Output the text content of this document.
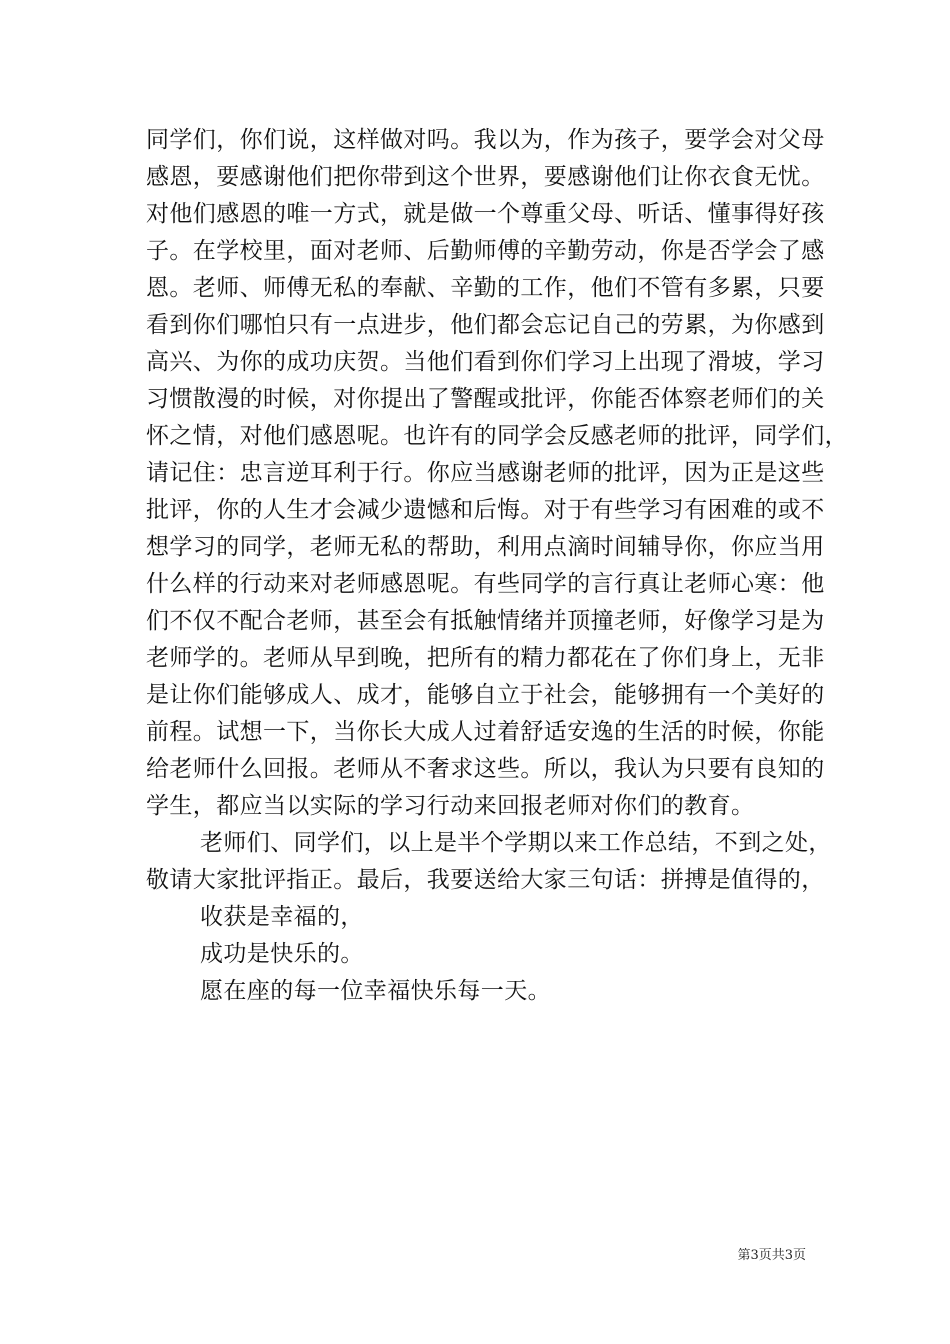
同学们，你们说，这样做对吗。我以为，作为孩子，要学会对父母
感恩，要感谢他们把你带到这个世界，要感谢他们让你衣食无忧。
对他们感恩的唯一方式，就是做一个尊重父母、听话、懂事得好孩
子。在学校里，面对老师、后勤师傅的辛勤劳动，你是否学会了感
恩。老师、师傅无私的奉献、辛勤的工作，他们不管有多累，只要
看到你们哪怕只有一点进步，他们都会忘记自己的劳累，为你感到
高兴、为你的成功庆贺。当他们看到你们学习上出现了滑坡，学习
习惯散漫的时候，对你提出了警醒或批评，你能否体察老师们的关
怀之情，对他们感恩呢。也许有的同学会反感老师的批评，同学们，
请记住：忠言逆耳利于行。你应当感谢老师的批评，因为正是这些
批评，你的人生才会减少遗憾和后悔。对于有些学习有困难的或不
想学习的同学，老师无私的帮助，利用点滴时间辅导你，你应当用
什么样的行动来对老师感恩呢。有些同学的言行真让老师心寒：他
们不仅不配合老师，甚至会有抵触情绪并顶撞老师，好像学习是为
老师学的。老师从早到晚，把所有的精力都花在了你们身上，无非
是让你们能够成人、成才，能够自立于社会，能够拥有一个美好的
前程。试想一下，当你长大成人过着舒适安逸的生活的时候，你能
给老师什么回报。老师从不奢求这些。所以，我认为只要有良知的
学生，都应当以实际的学习行动来回报老师对你们的教育。
老师们、同学们，以上是半个学期以来工作总结，不到之处，
敬请大家批评指正。最后，我要送给大家三句话：拼搏是值得的，
收获是幸福的，
成功是快乐的。
愿在座的每一位幸福快乐每一天。
第3页共3页
